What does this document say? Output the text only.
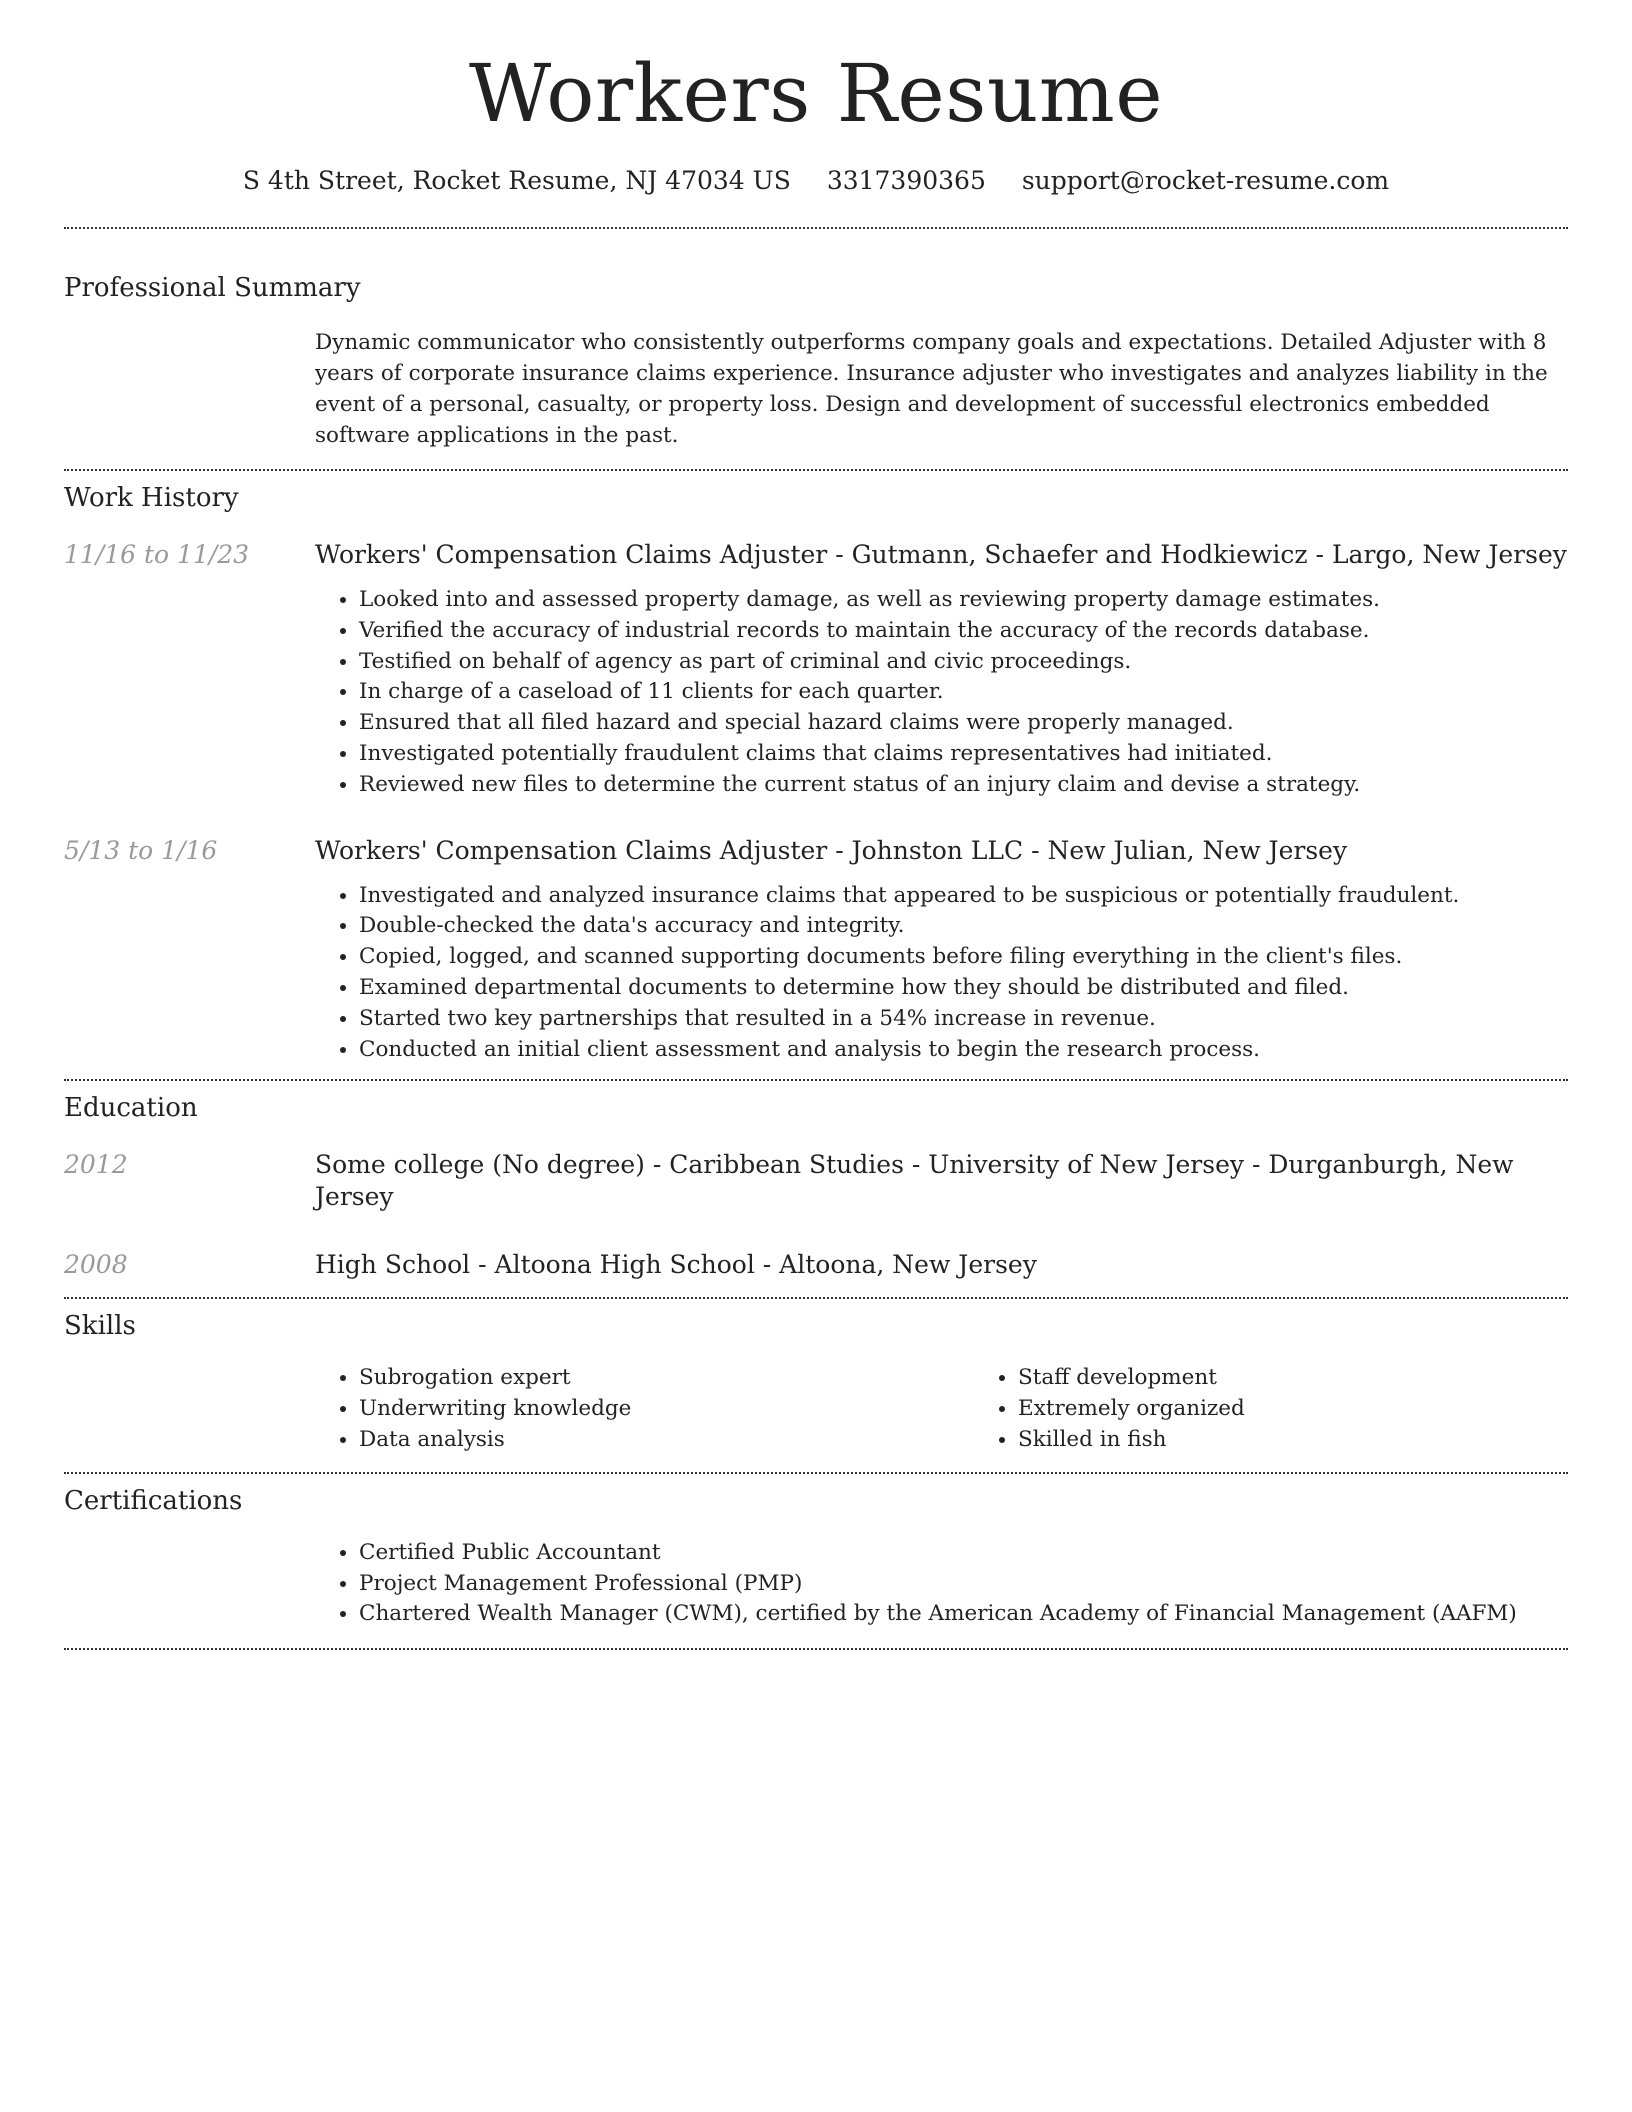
Workers Resume
S 4th Street, Rocket Resume, NJ 47034 US 3317390365 support@rocket-resume.com
Professional Summary

Dynamic communicator who consistently outperforms company goals and expectations. Detailed Adjuster with 8 years of corporate insurance claims experience. Insurance adjuster who investigates and analyzes liability in the event of a personal, casualty, or property loss. Design and development of successful electronics embedded software applications in the past.

Work History
11/16 to 11/23	Workers' Compensation Claims Adjuster - Gutmann, Schaefer and Hodkiewicz - Largo, New Jersey

• Looked into and assessed property damage, as well as reviewing property damage estimates.
• Verified the accuracy of industrial records to maintain the accuracy of the records database.
• Testified on behalf of agency as part of criminal and civic proceedings.
• In charge of a caseload of 11 clients for each quarter.
• Ensured that all filed hazard and special hazard claims were properly managed.
• Investigated potentially fraudulent claims that claims representatives had initiated.
• Reviewed new files to determine the current status of an injury claim and devise a strategy.
5/13 to 1/16	Workers' Compensation Claims Adjuster - Johnston LLC - New Julian, New Jersey

• Investigated and analyzed insurance claims that appeared to be suspicious or potentially fraudulent.
• Double-checked the data's accuracy and integrity.
• Copied, logged, and scanned supporting documents before filing everything in the client's files.
• Examined departmental documents to determine how they should be distributed and filed.
• Started two key partnerships that resulted in a 54% increase in revenue.
• Conducted an initial client assessment and analysis to begin the research process.
Education
2012	Some college (No degree) - Caribbean Studies - University of New Jersey - Durganburgh, New Jersey
2008	High School - Altoona High School - Altoona, New Jersey
Skills
• Subrogation expert
• Underwriting knowledge
• Data analysis
• Staff development
• Extremely organized
• Skilled in fish
Certifications
• Certified Public Accountant
• Project Management Professional (PMP)
• Chartered Wealth Manager (CWM), certified by the American Academy of Financial Management (AAFM)
